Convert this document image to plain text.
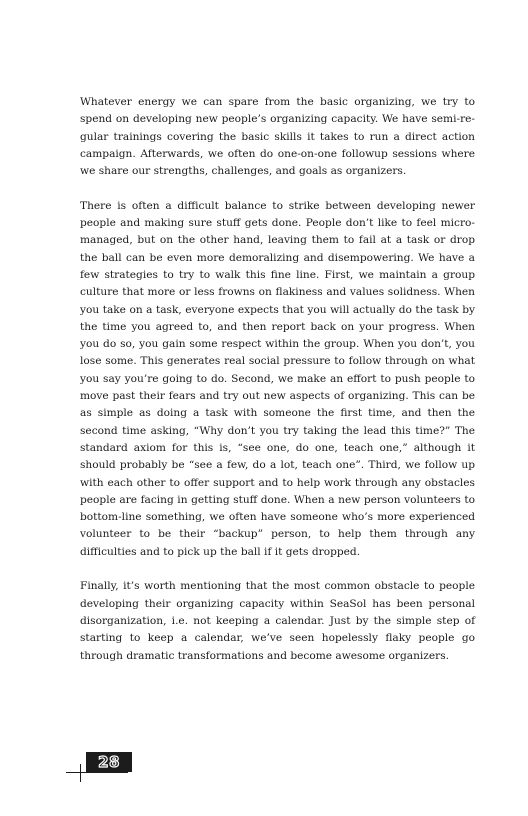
Whatever energy we can spare from the basic organizing, we try to spend on developing new people’s organizing capacity. We have semi-regular trainings covering the basic skills it takes to run a direct action campaign. Afterwards, we often do one-on-one followup sessions where we share our strengths, challenges, and goals as organizers.

There is often a difficult balance to strike between developing newer people and making sure stuff gets done. People don’t like to feel micromanaged, but on the other hand, leaving them to fail at a task or drop the ball can be even more demoralizing and disempowering. We have a few strategies to try to walk this fine line. First, we maintain a group culture that more or less frowns on flakiness and values solidness. When you take on a task, everyone expects that you will actually do the task by the time you agreed to, and then report back on your progress. When you do so, you gain some respect within the group. When you don’t, you lose some. This generates real social pressure to follow through on what you say you’re going to do. Second, we make an effort to push people to move past their fears and try out new aspects of organizing. This can be as simple as doing a task with someone the first time, and then the second time asking, “Why don’t you try taking the lead this time?” The standard axiom for this is, “see one, do one, teach one,” although it should probably be “see a few, do a lot, teach one”. Third, we follow up with each other to offer support and to help work through any obstacles people are facing in getting stuff done. When a new person volunteers to bottom-line something, we often have someone who’s more experienced volunteer to be their “backup” person, to help them through any difficulties and to pick up the ball if it gets dropped.

Finally, it’s worth mentioning that the most common obstacle to people developing their organizing capacity within SeaSol has been personal disorganization, i.e. not keeping a calendar. Just by the simple step of starting to keep a calendar, we’ve seen hopelessly flaky people go through dramatic transformations and become awesome organizers.

28
